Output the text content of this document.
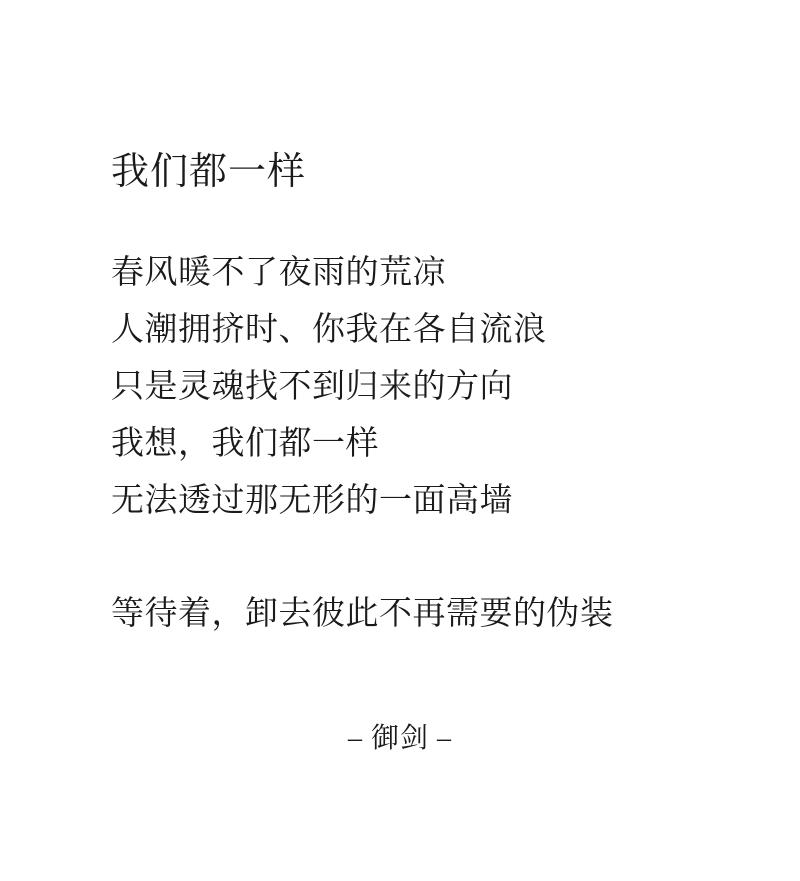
我们都一样

春风暖不了夜雨的荒凉

人潮拥挤时、你我在各自流浪

只是灵魂找不到归来的方向

我想，我们都一样

无法透过那无形的一面高墙

等待着，卸去彼此不再需要的伪装

– 御剑 –
